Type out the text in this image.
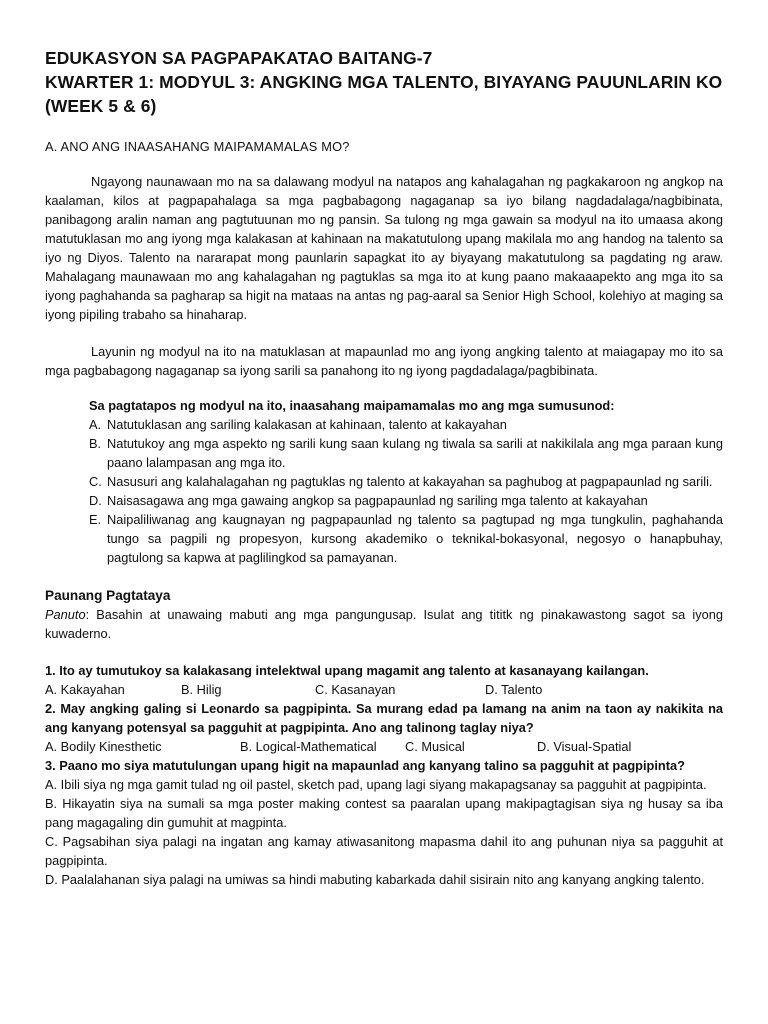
EDUKASYON SA PAGPAPAKATAO BAITANG-7
KWARTER 1: MODYUL 3: ANGKING MGA TALENTO, BIYAYANG PAUUNLARIN KO
(WEEK 5 & 6)
A. ANO ANG INAASAHANG MAIPAMAMALAS MO?

Ngayong naunawaan mo na sa dalawang modyul na natapos ang kahalagahan ng pagkakaroon ng angkop na kaalaman, kilos at pagpapahalaga sa mga pagbabagong nagaganap sa iyo bilang nagdadalaga/nagbibinata, panibagong aralin naman ang pagtutuunan mo ng pansin. Sa tulong ng mga gawain sa modyul na ito umaasa akong matutuklasan mo ang iyong mga kalakasan at kahinaan na makatutulong upang makilala mo ang handog na talento sa iyo ng Diyos. Talento na nararapat mong paunlarin sapagkat ito ay biyayang makatutulong sa pagdating ng araw. Mahalagang maunawaan mo ang kahalagahan ng pagtuklas sa mga ito at kung paano makaaapekto ang mga ito sa iyong paghahanda sa pagharap sa higit na mataas na antas ng pag-aaral sa Senior High School, kolehiyo at maging sa iyong pipiling trabaho sa hinaharap.

Layunin ng modyul na ito na matuklasan at mapaunlad mo ang iyong angking talento at maiagapay mo ito sa mga pagbabagong nagaganap sa iyong sarili sa panahong ito ng iyong pagdadalaga/pagbibinata.

Sa pagtatapos ng modyul na ito, inaasahang maipamamalas mo ang mga sumusunod:
A. Natutuklasan ang sariling kalakasan at kahinaan, talento at kakayahan
B. Natutukoy ang mga aspekto ng sarili kung saan kulang ng tiwala sa sarili at nakikilala ang mga paraan kung paano lalampasan ang mga ito.
C. Nasusuri ang kalahalagahan ng pagtuklas ng talento at kakayahan sa paghubog at pagpapaunlad ng sarili.
D. Naisasagawa ang mga gawaing angkop sa pagpapaunlad ng sariling mga talento at kakayahan
E. Naipaliliwanag ang kaugnayan ng pagpapaunlad ng talento sa pagtupad ng mga tungkulin, paghahanda tungo sa pagpili ng propesyon, kursong akademiko o teknikal-bokasyonal, negosyo o hanapbuhay, pagtulong sa kapwa at paglilingkod sa pamayanan.
Paunang Pagtataya
Panuto: Basahin at unawaing mabuti ang mga pangungusap. Isulat ang tititk ng pinakawastong sagot sa iyong kuwaderno.
1. Ito ay tumutukoy sa kalakasang intelektwal upang magamit ang talento at kasanayang kailangan.
A. Kakayahan	B. Hilig	C. Kasanayan	D. Talento
2. May angking galing si Leonardo sa pagpipinta. Sa murang edad pa lamang na anim na taon ay nakikita na ang kanyang potensyal sa pagguhit at pagpipinta. Ano ang talinong taglay niya?
A. Bodily Kinesthetic	B. Logical-Mathematical	C. Musical	D. Visual-Spatial
3. Paano mo siya matutulungan upang higit na mapaunlad ang kanyang talino sa pagguhit at pagpipinta?
A. Ibili siya ng mga gamit tulad ng oil pastel, sketch pad, upang lagi siyang makapagsanay sa pagguhit at pagpipinta.
B. Hikayatin siya na sumali sa mga poster making contest sa paaralan upang makipagtagisan siya ng husay sa iba pang magagaling din gumuhit at magpinta.
C. Pagsabihan siya palagi na ingatan ang kamay atiwasanitong mapasma dahil ito ang puhunan niya sa pagguhit at pagpipinta.
D. Paalalahanan siya palagi na umiwas sa hindi mabuting kabarkada dahil sisirain nito ang kanyang angking talento.
